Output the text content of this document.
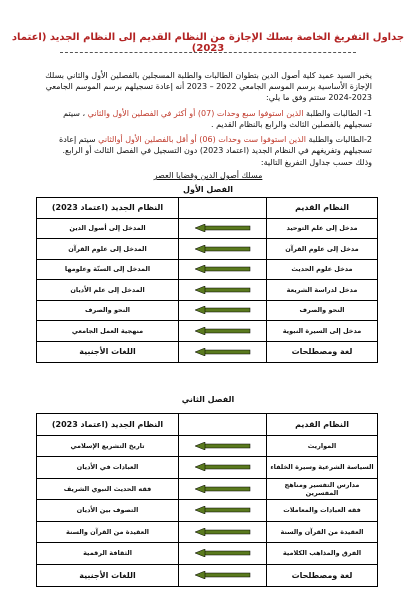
جداول التفريغ الخاصة بسلك الإجازة من النظام القديم إلى النظام الجديد (اعتماد 2023)

يخبر السيد عميد كلية أصول الدين بتطوان الطالبات والطلبة المسجلين بالفصلين الأول والثاني بسلك الإجازة الأساسية برسم الموسم الجامعي 2022 – 2023 أنه إعادة تسجيلهم برسم الموسم الجامعي 2023-2024 ستتم وفق ما يلي:

1- الطالبات والطلبة الذين استوفوا سبع وحدات (07) أو أكثر في الفصلين الأول والثاني ، سيتم تسجيلهم بالفصلين الثالث والرابع بالنظام القديم .

2-الطالبات والطلبة الذين استوفوا ست وحدات (06) أو أقل بالفصلين الأول أوالثاني سيتم إعادة تسجيلهم وتفريغهم في النظام الجديد (اعتماد 2023) دون التسجيل في الفصل الثالث أو الرابع.

وذلك حسب جداول التفريغ التالية:

مسلك أصول الدين وقضايا العصر
الفصل الأول
النظام القديم
النظام الجديد (اعتماد 2023)
مدخل إلى علم التوحيد
المدخل إلى أصول الدين
مدخل إلى علوم القرآن
المدخل إلى علوم القرآن
مدخل علوم الحديث
المدخل إلى السنّة وعلومها
مدخل لدراسة الشريعة
المدخل إلى علم الأديان
النحو والصرف
النحو والصرف
مدخل إلى السيرة النبوية
منهجية العمل الجامعي
لغة ومصطلحات
اللغات الأجنبية
الفصل الثاني
النظام القديم
النظام الجديد (اعتماد 2023)
المواريث
تاريخ التشريع الإسلامي
السياسة الشرعية وسيرة الخلفاء
العبادات في الأديان
مدارس التفسير ومناهج المفسرين
فقه الحديث النبوي الشريف
فقه العبادات والمعاملات
التصوف بين الأديان
العقيدة من القرآن والسنة
العقيدة من القرآن والسنة
الفرق والمذاهب الكلامية
الثقافة الرقمية
لغة ومصطلحات
اللغات الأجنبية
